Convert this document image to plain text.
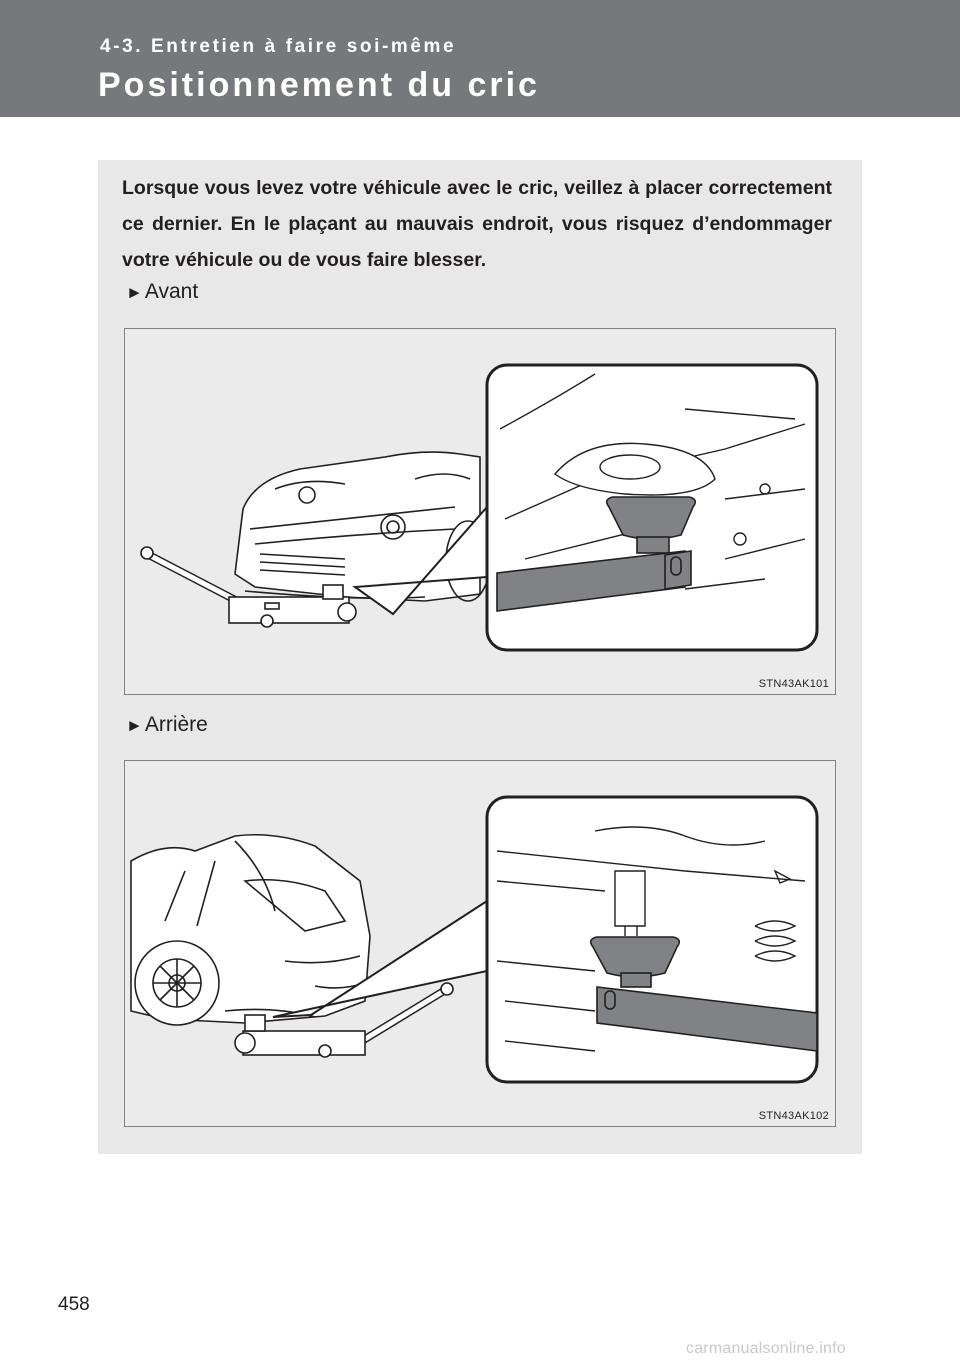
4-3. Entretien à faire soi-même
Positionnement du cric
Lorsque vous levez votre véhicule avec le cric, veillez à placer correctement ce dernier. En le plaçant au mauvais endroit, vous risquez d’endommager votre véhicule ou de vous faire blesser.
►Avant
STN43AK101
►Arrière
STN43AK102
458
carmanualsonline.info
